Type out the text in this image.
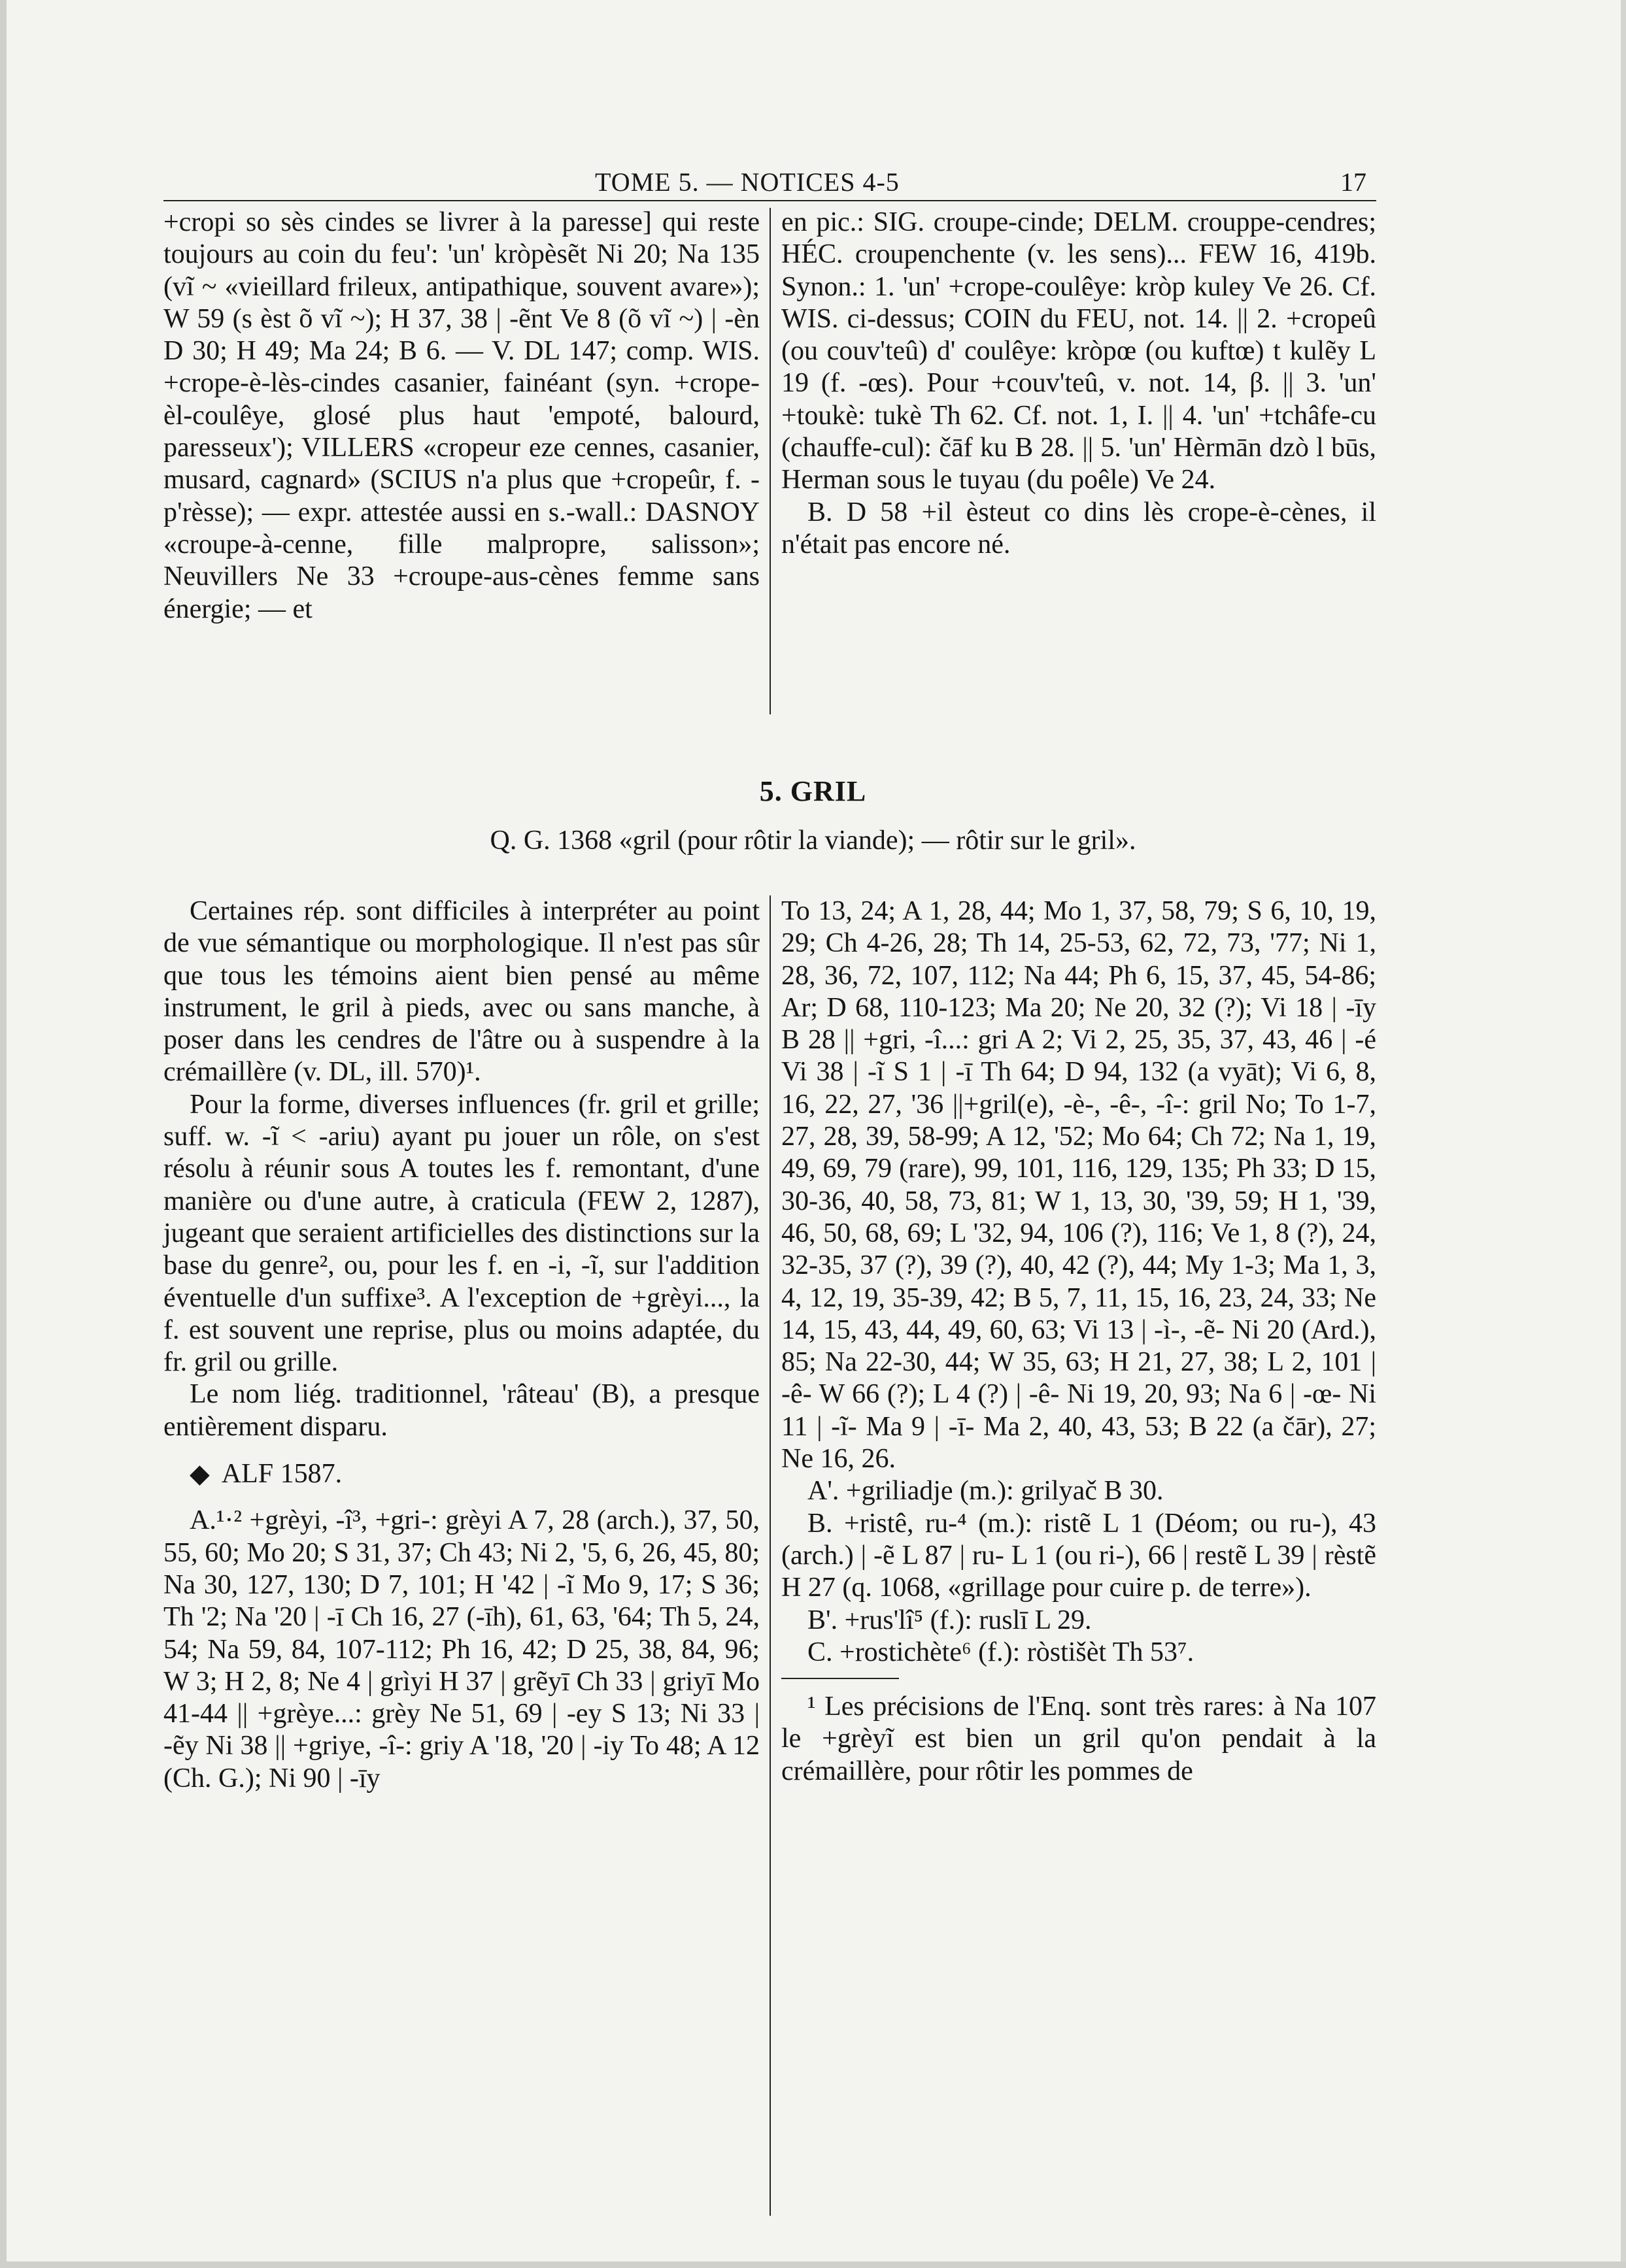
TOME 5. — NOTICES 4-5	17

+cropi so sès cindes se livrer à la paresse] qui reste toujours au coin du feu': 'un' kròpèsẽt Ni 20; Na 135 (vĩ ~ «vieillard frileux, antipathique, souvent avare»); W 59 (s èst õ vĩ ~); H 37, 38 | -ẽnt Ve 8 (õ vĩ ~) | -èn D 30; H 49; Ma 24; B 6. — V. DL 147; comp. WIS. +crope-è-lès-cindes casanier, fainéant (syn. +crope-èl-coulêye, glosé plus haut 'empoté, balourd, paresseux'); VILLERS «cropeur eze cennes, casanier, musard, cagnard» (SCIUS n'a plus que +cropeûr, f. -p'rèsse); — expr. attestée aussi en s.-wall.: DASNOY «croupe-à-cenne, fille malpropre, salisson»; Neuvillers Ne 33 +croupe-aus-cènes femme sans énergie; — et

en pic.: SIG. croupe-cinde; DELM. crouppe-cendres; HÉC. croupenchente (v. les sens)... FEW 16, 419b. Synon.: 1. 'un' +crope-coulêye: kròp kuley Ve 26. Cf. WIS. ci-dessus; COIN du FEU, not. 14. || 2. +cropeû (ou couv'teû) d' coulêye: kròpœ (ou kuftœ) t kulẽy L 19 (f. -œs). Pour +couv'teû, v. not. 14, β. || 3. 'un' +toukè: tukè Th 62. Cf. not. 1, I. || 4. 'un' +tchâfe-cu (chauffe-cul): čāf ku B 28. || 5. 'un' Hèrmān dzò l būs, Herman sous le tuyau (du poêle) Ve 24.

B. D 58 +il èsteut co dins lès crope-è-cènes, il n'était pas encore né.

5. GRIL
Q. G. 1368 «gril (pour rôtir la viande); — rôtir sur le gril».

Certaines rép. sont difficiles à interpréter au point de vue sémantique ou morphologique. Il n'est pas sûr que tous les témoins aient bien pensé au même instrument, le gril à pieds, avec ou sans manche, à poser dans les cendres de l'âtre ou à suspendre à la crémaillère (v. DL, ill. 570)¹.

Pour la forme, diverses influences (fr. gril et grille; suff. w. -ĩ < -ariu) ayant pu jouer un rôle, on s'est résolu à réunir sous A toutes les f. remontant, d'une manière ou d'une autre, à craticula (FEW 2, 1287), jugeant que seraient artificielles des distinctions sur la base du genre², ou, pour les f. en -i, -ĩ, sur l'addition éventuelle d'un suffixe³. A l'exception de +grèyi..., la f. est souvent une reprise, plus ou moins adaptée, du fr. gril ou grille.

Le nom liég. traditionnel, 'râteau' (B), a presque entièrement disparu.

◆ ALF 1587.

A.¹·² +grèyi, -î³, +gri-: grèyi A 7, 28 (arch.), 37, 50, 55, 60; Mo 20; S 31, 37; Ch 43; Ni 2, '5, 6, 26, 45, 80; Na 30, 127, 130; D 7, 101; H '42 | -ĩ Mo 9, 17; S 36; Th '2; Na '20 | -ī Ch 16, 27 (-īh), 61, 63, '64; Th 5, 24, 54; Na 59, 84, 107-112; Ph 16, 42; D 25, 38, 84, 96; W 3; H 2, 8; Ne 4 | grìyi H 37 | grẽyī Ch 33 | griyī Mo 41-44 || +grèye...: grèy Ne 51, 69 | -ey S 13; Ni 33 | -ẽy Ni 38 || +griye, -î-: griy A '18, '20 | -iy To 48; A 12 (Ch. G.); Ni 90 | -īy

To 13, 24; A 1, 28, 44; Mo 1, 37, 58, 79; S 6, 10, 19, 29; Ch 4-26, 28; Th 14, 25-53, 62, 72, 73, '77; Ni 1, 28, 36, 72, 107, 112; Na 44; Ph 6, 15, 37, 45, 54-86; Ar; D 68, 110-123; Ma 20; Ne 20, 32 (?); Vi 18 | -īy B 28 || +gri, -î...: gri A 2; Vi 2, 25, 35, 37, 43, 46 | -é Vi 38 | -ĩ S 1 | -ī Th 64; D 94, 132 (a vyāt); Vi 6, 8, 16, 22, 27, '36 ||+gril(e), -è-, -ê-, -î-: gril No; To 1-7, 27, 28, 39, 58-99; A 12, '52; Mo 64; Ch 72; Na 1, 19, 49, 69, 79 (rare), 99, 101, 116, 129, 135; Ph 33; D 15, 30-36, 40, 58, 73, 81; W 1, 13, 30, '39, 59; H 1, '39, 46, 50, 68, 69; L '32, 94, 106 (?), 116; Ve 1, 8 (?), 24, 32-35, 37 (?), 39 (?), 40, 42 (?), 44; My 1-3; Ma 1, 3, 4, 12, 19, 35-39, 42; B 5, 7, 11, 15, 16, 23, 24, 33; Ne 14, 15, 43, 44, 49, 60, 63; Vi 13 | -ì-, -ẽ- Ni 20 (Ard.), 85; Na 22-30, 44; W 35, 63; H 21, 27, 38; L 2, 101 | -ê- W 66 (?); L 4 (?) | -ê- Ni 19, 20, 93; Na 6 | -œ- Ni 11 | -ĩ- Ma 9 | -ī- Ma 2, 40, 43, 53; B 22 (a čār), 27; Ne 16, 26.

A'. +griliadje (m.): grilyač B 30.

B. +ristê, ru-⁴ (m.): ristẽ L 1 (Déom; ou ru-), 43 (arch.) | -ẽ L 87 | ru- L 1 (ou ri-), 66 | restẽ L 39 | rèstẽ H 27 (q. 1068, «grillage pour cuire p. de terre»).

B'. +rus'lî⁵ (f.): ruslī L 29.

C. +rostichète⁶ (f.): ròstišèt Th 53⁷.

¹ Les précisions de l'Enq. sont très rares: à Na 107 le +grèyĩ est bien un gril qu'on pendait à la crémaillère, pour rôtir les pommes de
